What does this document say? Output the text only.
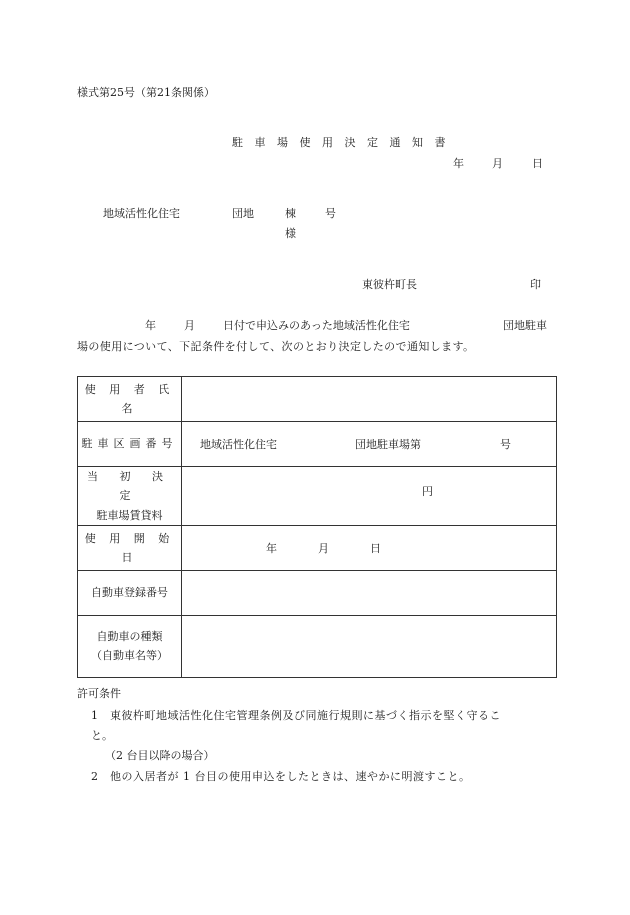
様式第25号（第21条関係）
駐 車 場 使 用 決 定 通 知 書
年	月	日
地域活性化住宅	団地	棟	号
様
東彼杵町長	印
年	月	日付で申込みのあった地域活性化住宅	団地駐車
場の使用について、下記条件を付して、次のとおり決定したので通知します。
使 用 者 氏 名	
駐車区画番号	地域活性化住宅 団地駐車場第 号

当 初 決 定
駐車場賃貸料	円

使 用 開 始 日	年 月 日

自動車登録番号	

自動車の種類
（自動車名等）	

許可条件
1 東彼杵町地域活性化住宅管理条例及び同施行規則に基づく指示を堅く守るこ
と。
（2 台目以降の場合）
2 他の入居者が 1 台目の使用申込をしたときは、速やかに明渡すこと。
